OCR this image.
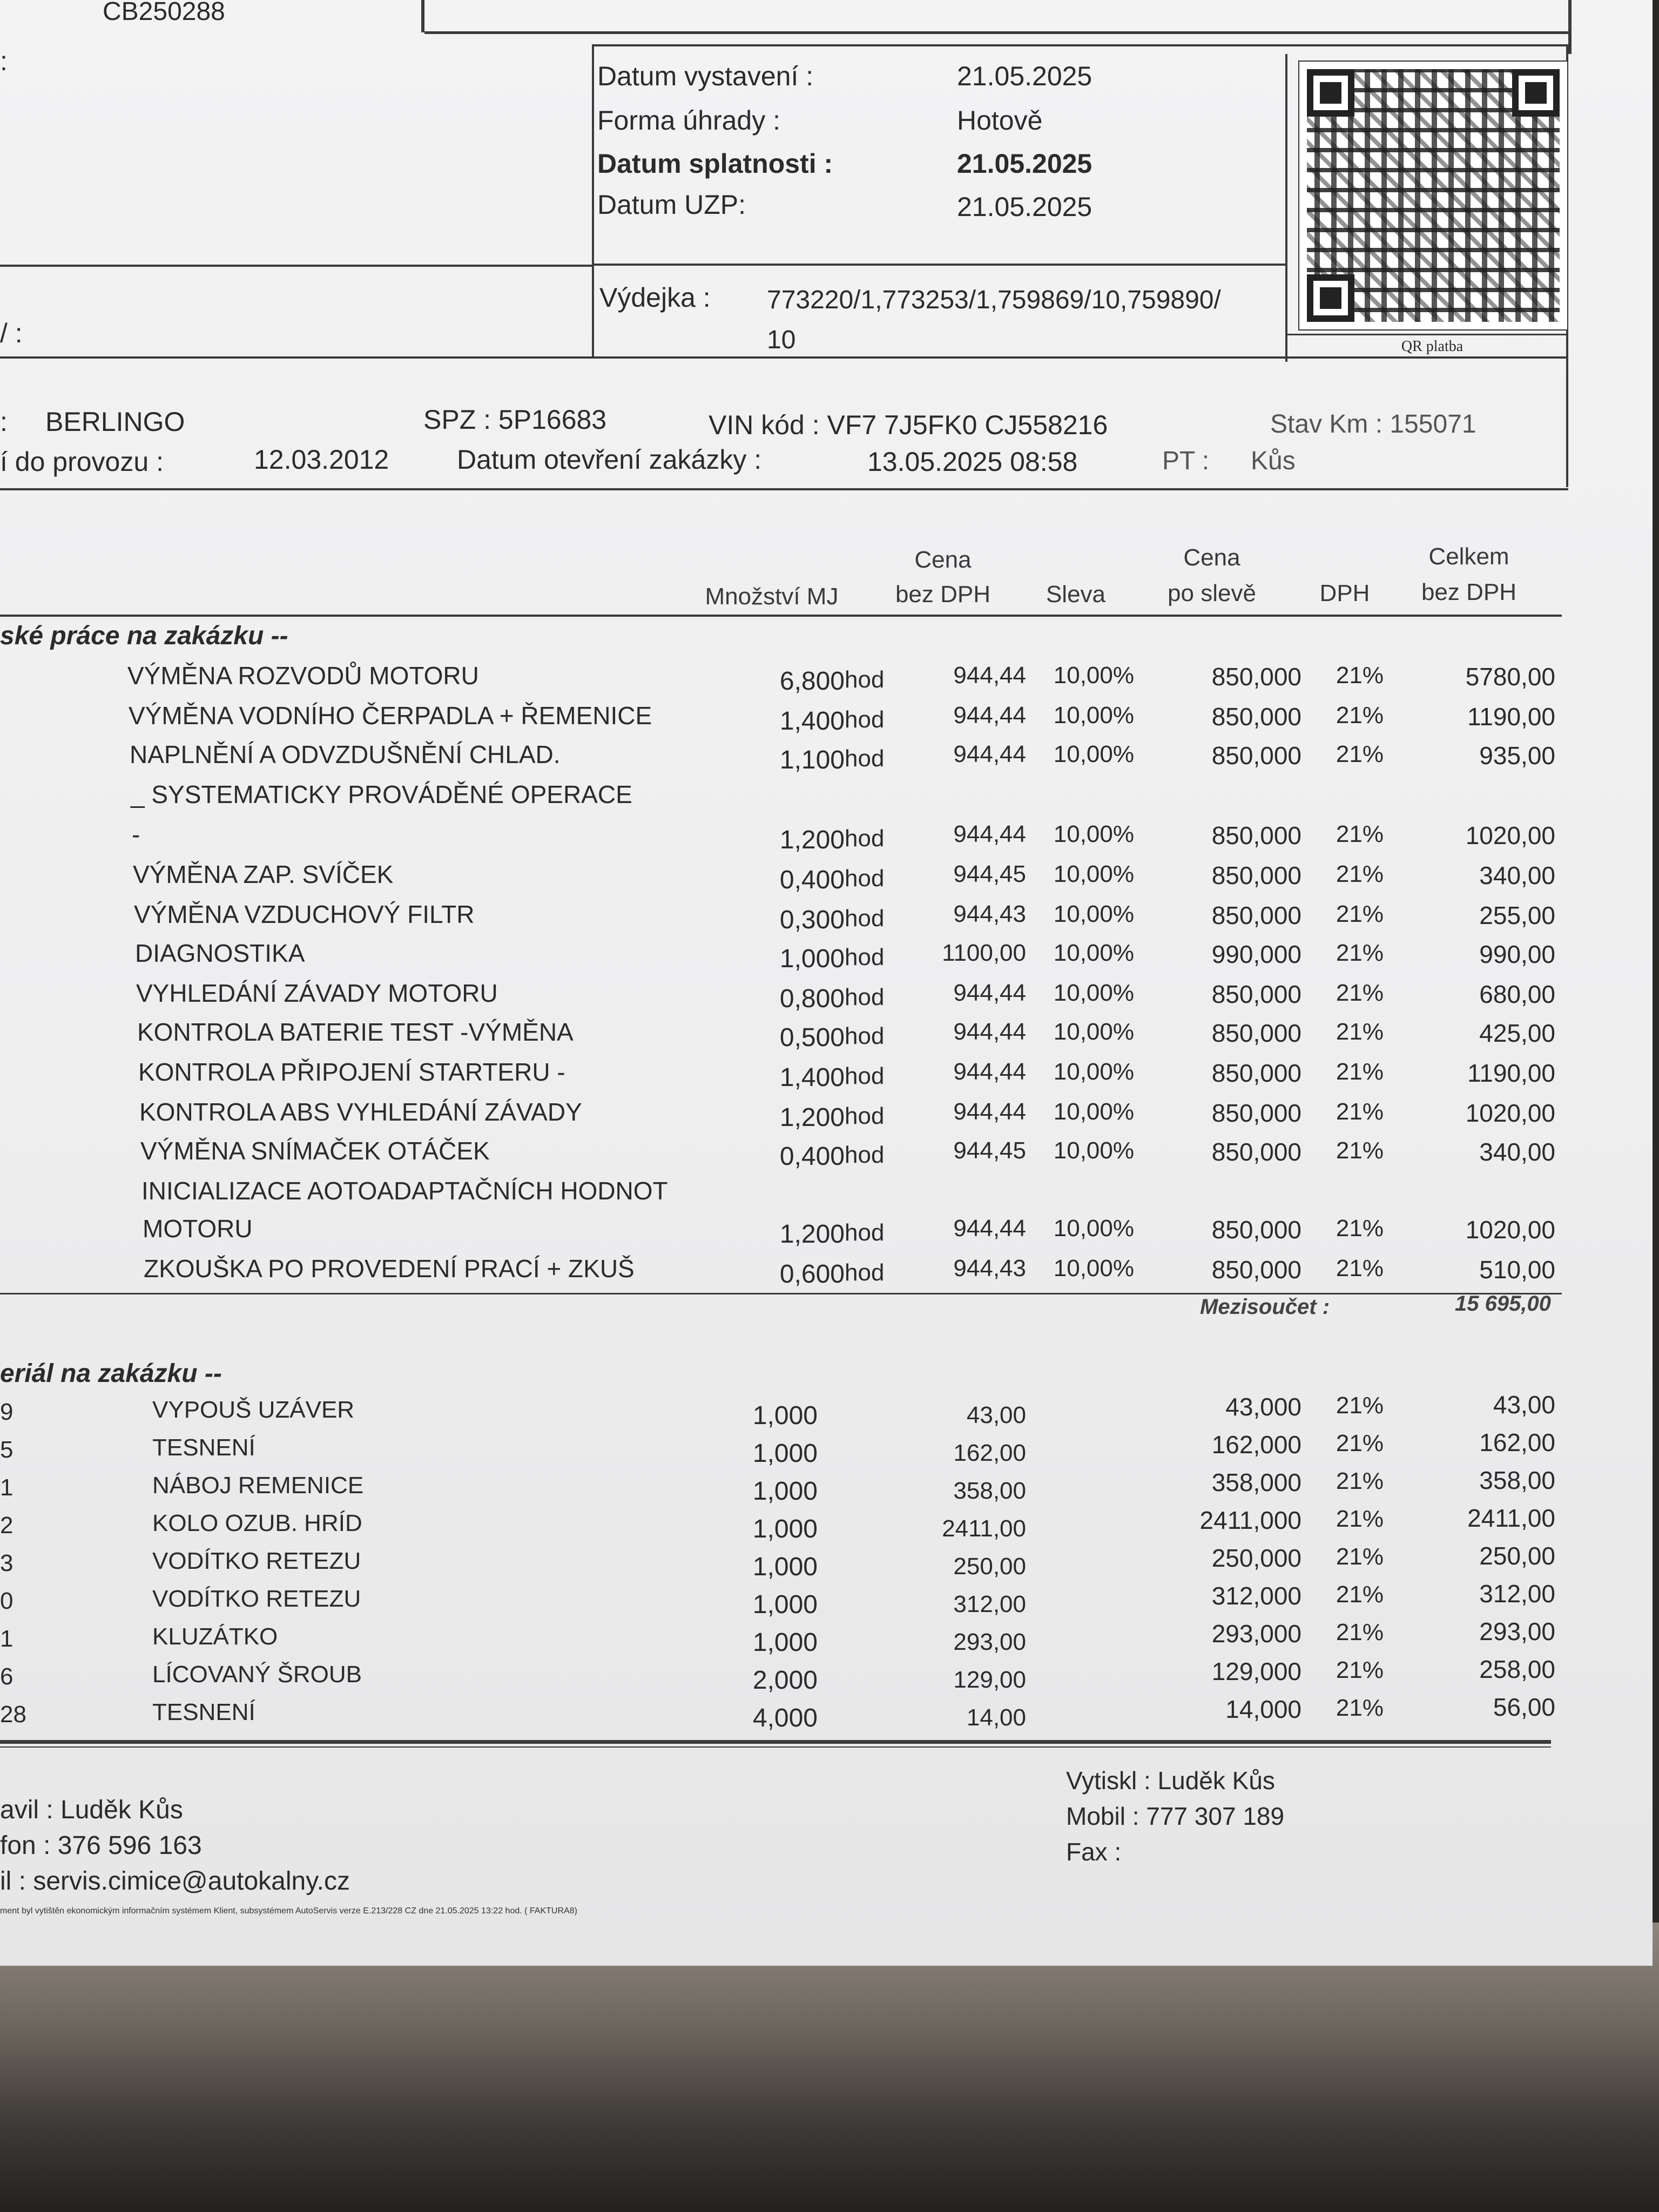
CB250288
:
/ :
Datum vystavení :	21.05.2025
Forma úhrady :	Hotově
Datum splatnosti :	21.05.2025
Datum UZP:	21.05.2025
Výdejka : 773220/1,773253/1,759869/10,759890/
10	QR platba
: BERLINGO	SPZ : 5P16683	VIN kód : VF7 7J5FK0 CJ558216	Stav Km : 155071
í do provozu :	12.03.2012	Datum otevření zakázky :	13.05.2025 08:58	PT : Kůs
Množství MJ
Cena
bez DPH	Sleva
Cena
po slevě	DPH
Celkem
bez DPH
ské práce na zakázku --
VÝMĚNA ROZVODŮ MOTORU	6,800 hod	944,44	10,00%	850,000	21%	5780,00
VÝMĚNA VODNÍHO ČERPADLA + ŘEMENICE	1,400 hod	944,44	10,00%	850,000	21%	1190,00
NAPLNĚNÍ A ODVZDUŠNĚNÍ CHLAD.	1,100 hod	944,44	10,00%	850,000	21%	935,00
_ SYSTEMATICKY PROVÁDĚNÉ OPERACE
-	1,200 hod	944,44	10,00%	850,000	21%	1020,00
VÝMĚNA ZAP. SVÍČEK	0,400 hod	944,45	10,00%	850,000	21%	340,00
VÝMĚNA VZDUCHOVÝ FILTR	0,300 hod	944,43	10,00%	850,000	21%	255,00
DIAGNOSTIKA	1,000 hod	1100,00	10,00%	990,000	21%	990,00
VYHLEDÁNÍ ZÁVADY MOTORU	0,800 hod	944,44	10,00%	850,000	21%	680,00
KONTROLA BATERIE TEST -VÝMĚNA	0,500 hod	944,44	10,00%	850,000	21%	425,00
KONTROLA PŘIPOJENÍ STARTERU -	1,400 hod	944,44	10,00%	850,000	21%	1190,00
KONTROLA ABS VYHLEDÁNÍ ZÁVADY	1,200 hod	944,44	10,00%	850,000	21%	1020,00
VÝMĚNA SNÍMAČEK OTÁČEK	0,400 hod	944,45	10,00%	850,000	21%	340,00
INICIALIZACE AOTOADAPTAČNÍCH HODNOT
MOTORU	1,200 hod	944,44	10,00%	850,000	21%	1020,00
ZKOUŠKA PO PROVEDENÍ PRACÍ + ZKUŠ	0,600 hod	944,43	10,00%	850,000	21%	510,00
Mezisoučet :	15 695,00
eriál na zakázku --
9	VYPOUŠ UZÁVER	1,000	43,00	43,000	21%	43,00
5	TESNENÍ	1,000	162,00	162,000	21%	162,00
1	NÁBOJ REMENICE	1,000	358,00	358,000	21%	358,00
2	KOLO OZUB. HRÍD	1,000	2411,00	2411,000	21%	2411,00
3	VODÍTKO RETEZU	1,000	250,00	250,000	21%	250,00
0	VODÍTKO RETEZU	1,000	312,00	312,000	21%	312,00
1	KLUZÁTKO	1,000	293,00	293,000	21%	293,00
6	LÍCOVANÝ ŠROUB	2,000	129,00	129,000	21%	258,00
28	TESNENÍ	4,000	14,00	14,000	21%	56,00
avil : Luděk Kůs
fon : 376 596 163
il : servis.cimice@autokalny.cz
Vytiskl : Luděk Kůs
Mobil : 777 307 189
Fax :
ment byl vytištěn ekonomickým informačním systémem Klient, subsystémem AutoServis verze E.213/228 CZ dne 21.05.2025 13:22 hod. ( FAKTURA8)
